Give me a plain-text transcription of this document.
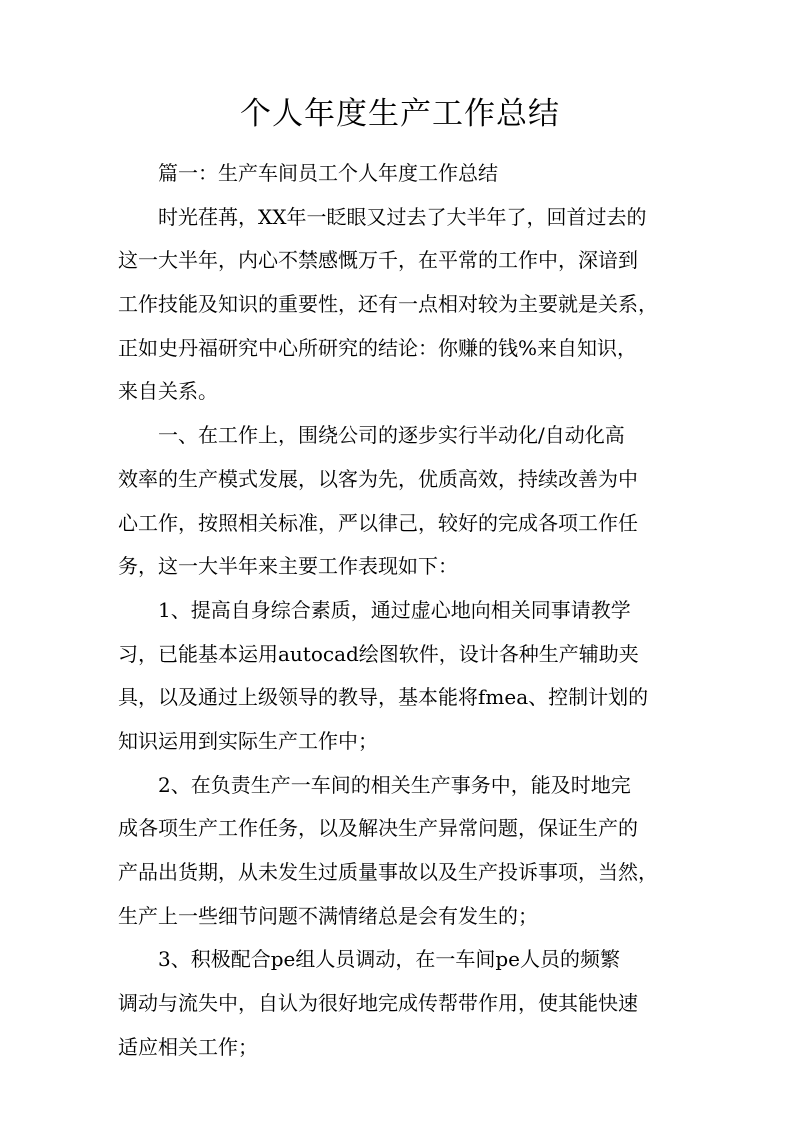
个人年度生产工作总结
　　篇一：生产车间员工个人年度工作总结
　　时光荏苒，XX年一眨眼又过去了大半年了，回首过去的
这一大半年，内心不禁感慨万千，在平常的工作中，深谙到
工作技能及知识的重要性，还有一点相对较为主要就是关系，
正如史丹福研究中心所研究的结论：你赚的钱%来自知识，
来自关系。
　　一、在工作上，围绕公司的逐步实行半动化/自动化高
效率的生产模式发展，以客为先，优质高效，持续改善为中
心工作，按照相关标准，严以律己，较好的完成各项工作任
务，这一大半年来主要工作表现如下：
　　1、提高自身综合素质，通过虚心地向相关同事请教学
习，已能基本运用autocad绘图软件，设计各种生产辅助夹
具，以及通过上级领导的教导，基本能将fmea、控制计划的
知识运用到实际生产工作中；
　　2、在负责生产一车间的相关生产事务中，能及时地完
成各项生产工作任务，以及解决生产异常问题，保证生产的
产品出货期，从未发生过质量事故以及生产投诉事项，当然，
生产上一些细节问题不满情绪总是会有发生的；
　　3、积极配合pe组人员调动，在一车间pe人员的频繁
调动与流失中，自认为很好地完成传帮带作用，使其能快速
适应相关工作；
